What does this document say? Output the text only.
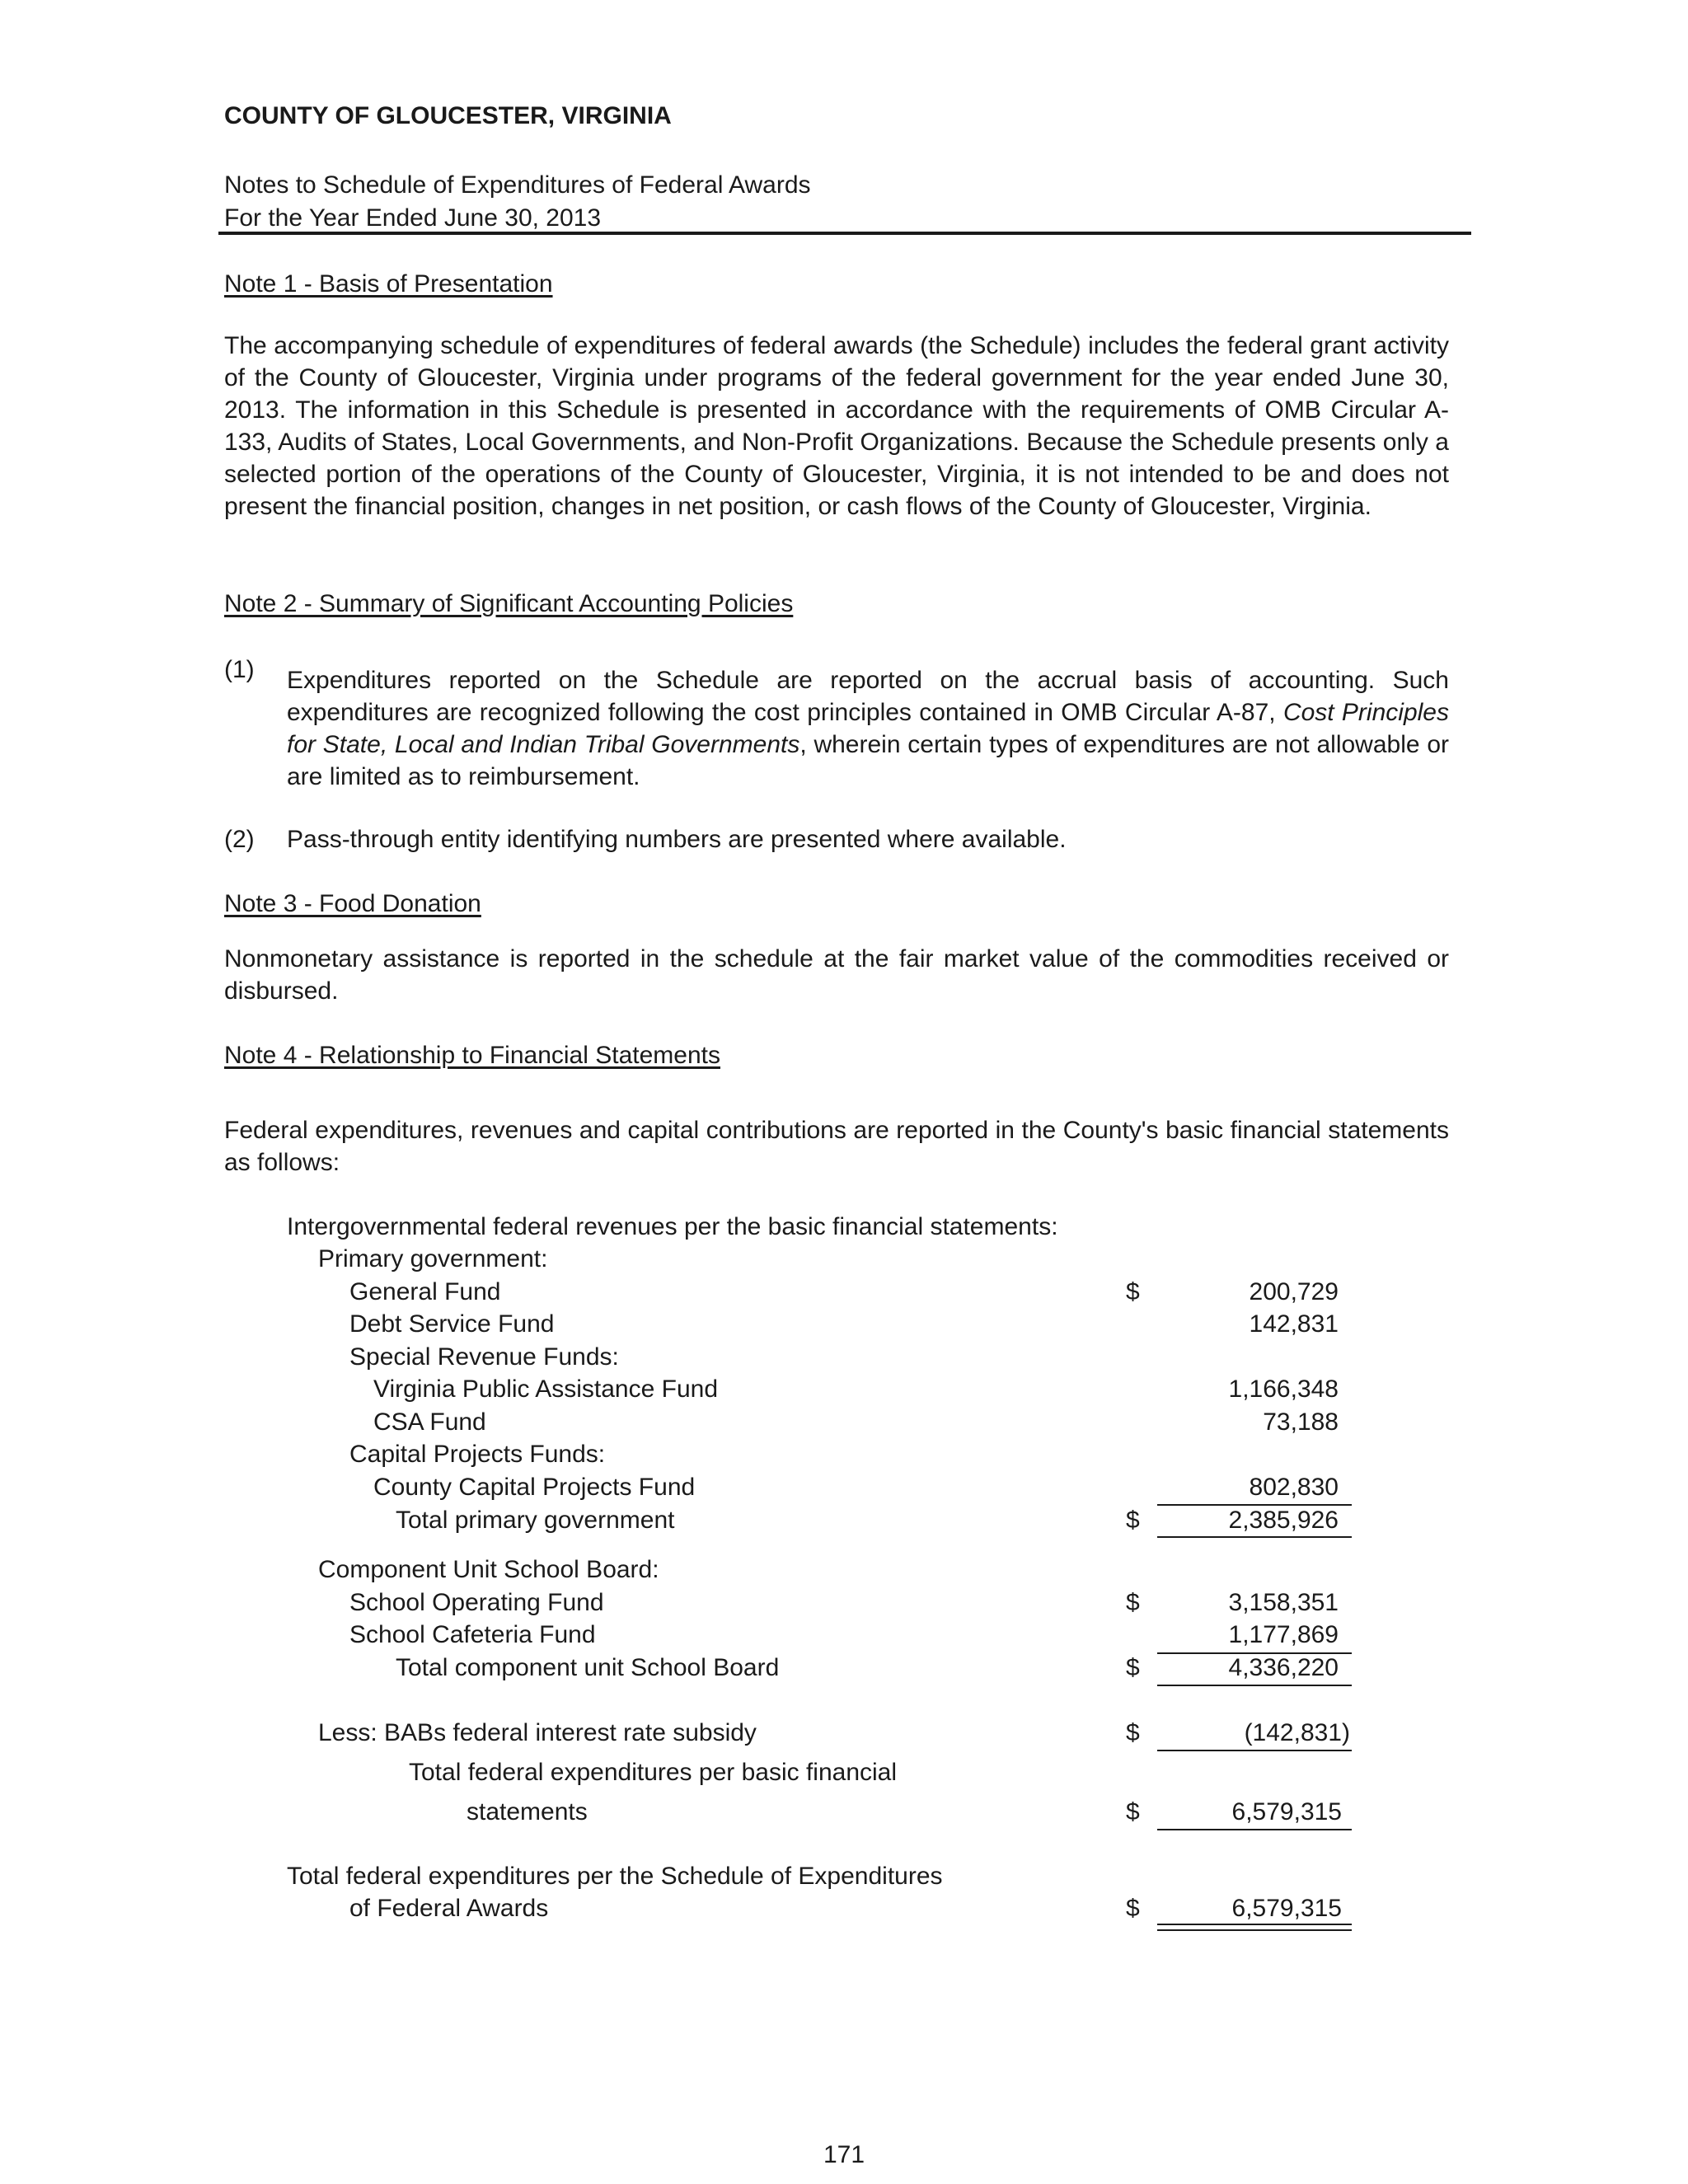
COUNTY OF GLOUCESTER, VIRGINIA
Notes to Schedule of Expenditures of Federal Awards
For the Year Ended June 30, 2013
Note 1 - Basis of Presentation
The accompanying schedule of expenditures of federal awards (the Schedule) includes the federal grant activity of the County of Gloucester, Virginia under programs of the federal government for the year ended June 30, 2013. The information in this Schedule is presented in accordance with the requirements of OMB Circular A-133, Audits of States, Local Governments, and Non-Profit Organizations. Because the Schedule presents only a selected portion of the operations of the County of Gloucester, Virginia, it is not intended to be and does not present the financial position, changes in net position, or cash flows of the County of Gloucester, Virginia.
Note 2 - Summary of Significant Accounting Policies
(1) Expenditures reported on the Schedule are reported on the accrual basis of accounting. Such expenditures are recognized following the cost principles contained in OMB Circular A-87, Cost Principles for State, Local and Indian Tribal Governments, wherein certain types of expenditures are not allowable or are limited as to reimbursement.
(2) Pass-through entity identifying numbers are presented where available.
Note 3 - Food Donation
Nonmonetary assistance is reported in the schedule at the fair market value of the commodities received or disbursed.
Note 4 - Relationship to Financial Statements
Federal expenditures, revenues and capital contributions are reported in the County's basic financial statements as follows:
Intergovernmental federal revenues per the basic financial statements:
Primary government:
General Fund	$	200,729
Debt Service Fund	142,831
Special Revenue Funds:
Virginia Public Assistance Fund	1,166,348
CSA Fund	73,188
Capital Projects Funds:
County Capital Projects Fund	802,830
Total primary government	$	2,385,926
Component Unit School Board:
School Operating Fund	$	3,158,351
School Cafeteria Fund	1,177,869
Total component unit School Board	$	4,336,220
Less: BABs federal interest rate subsidy	$	(142,831)
Total federal expenditures per basic financial
statements	$	6,579,315
Total federal expenditures per the Schedule of Expenditures
of Federal Awards	$	6,579,315
171
